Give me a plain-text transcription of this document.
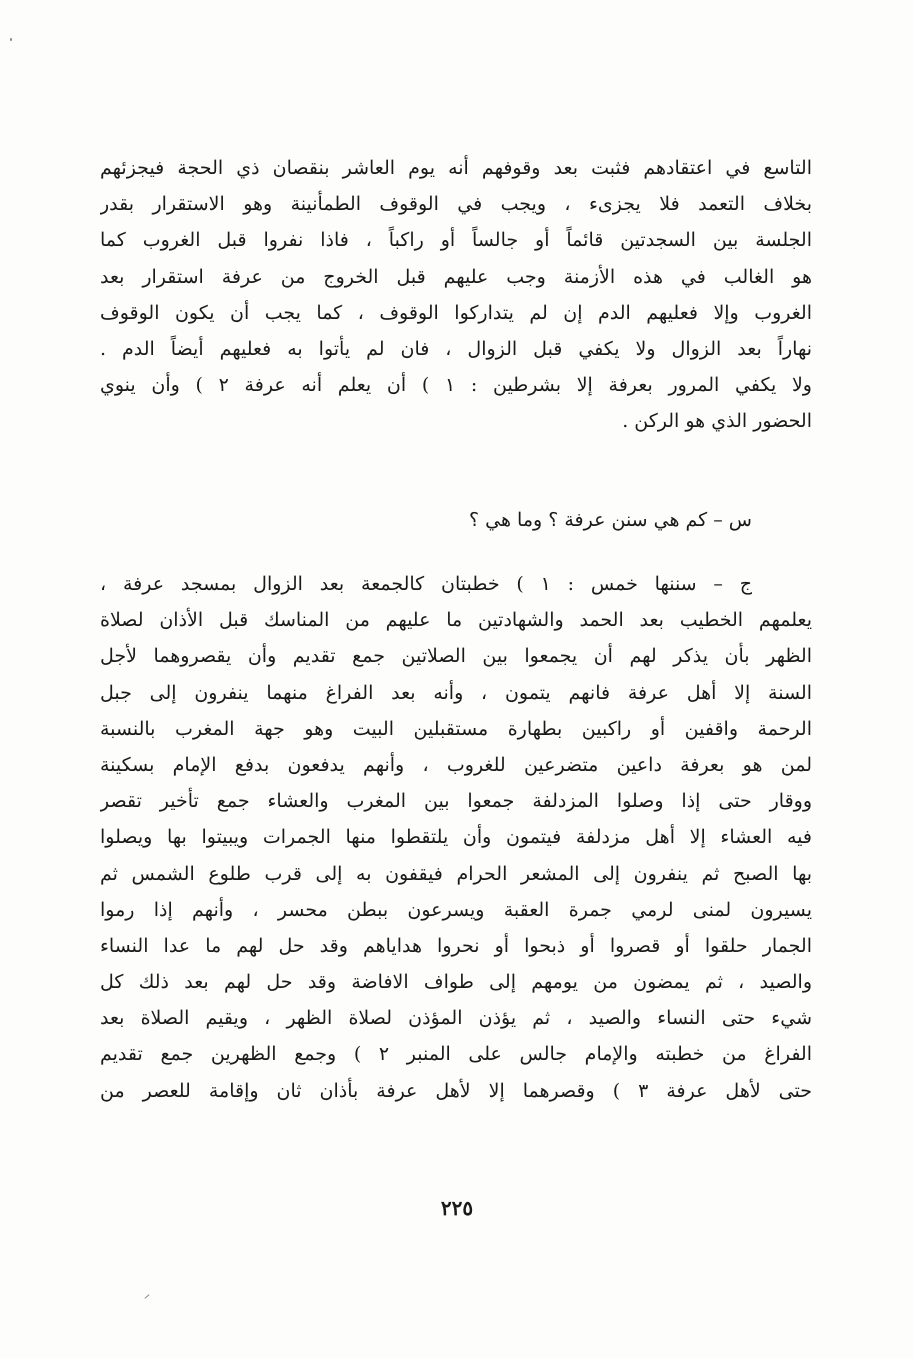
التاسع في اعتقادهم فثبت بعد وقوفهم أنه يوم العاشر بنقصان ذي الحجة فيجزئهم
بخلاف التعمد فلا يجزىء ، ويجب في الوقوف الطمأنينة وهو الاستقرار بقدر
الجلسة بين السجدتين قائماً أو جالساً أو راكباً ، فاذا نفروا قبل الغروب كما
هو الغالب في هذه الأزمنة وجب عليهم قبل الخروج من عرفة استقرار بعد
الغروب وإلا فعليهم الدم إن لم يتداركوا الوقوف ، كما يجب أن يكون الوقوف
نهاراً بعد الزوال ولا يكفي قبل الزوال ، فان لم يأتوا به فعليهم أيضاً الدم .
ولا يكفي المرور بعرفة إلا بشرطين : ١ ) أن يعلم أنه عرفة ٢ ) وأن ينوي
الحضور الذي هو الركن .
س – كم هي سنن عرفة ؟ وما هي ؟
ج – سننها خمس : ١ ) خطبتان كالجمعة بعد الزوال بمسجد عرفة ،
يعلمهم الخطيب بعد الحمد والشهادتين ما عليهم من المناسك قبل الأذان لصلاة
الظهر بأن يذكر لهم أن يجمعوا بين الصلاتين جمع تقديم وأن يقصروهما لأجل
السنة إلا أهل عرفة فانهم يتمون ، وأنه بعد الفراغ منهما ينفرون إلى جبل
الرحمة واقفين أو راكبين بطهارة مستقبلين البيت وهو جهة المغرب بالنسبة
لمن هو بعرفة داعين متضرعين للغروب ، وأنهم يدفعون بدفع الإمام بسكينة
ووقار حتى إذا وصلوا المزدلفة جمعوا بين المغرب والعشاء جمع تأخير تقصر
فيه العشاء إلا أهل مزدلفة فيتمون وأن يلتقطوا منها الجمرات ويبيتوا بها ويصلوا
بها الصبح ثم ينفرون إلى المشعر الحرام فيقفون به إلى قرب طلوع الشمس ثم
يسيرون لمنى لرمي جمرة العقبة ويسرعون ببطن محسر ، وأنهم إذا رموا
الجمار حلقوا أو قصروا أو ذبحوا أو نحروا هداياهم وقد حل لهم ما عدا النساء
والصيد ، ثم يمضون من يومهم إلى طواف الافاضة وقد حل لهم بعد ذلك كل
شيء حتى النساء والصيد ، ثم يؤذن المؤذن لصلاة الظهر ، ويقيم الصلاة بعد
الفراغ من خطبته والإمام جالس على المنبر ٢ ) وجمع الظهرين جمع تقديم
حتى لأهل عرفة ٣ ) وقصرهما إلا لأهل عرفة بأذان ثان وإقامة للعصر من
٢٢٥
